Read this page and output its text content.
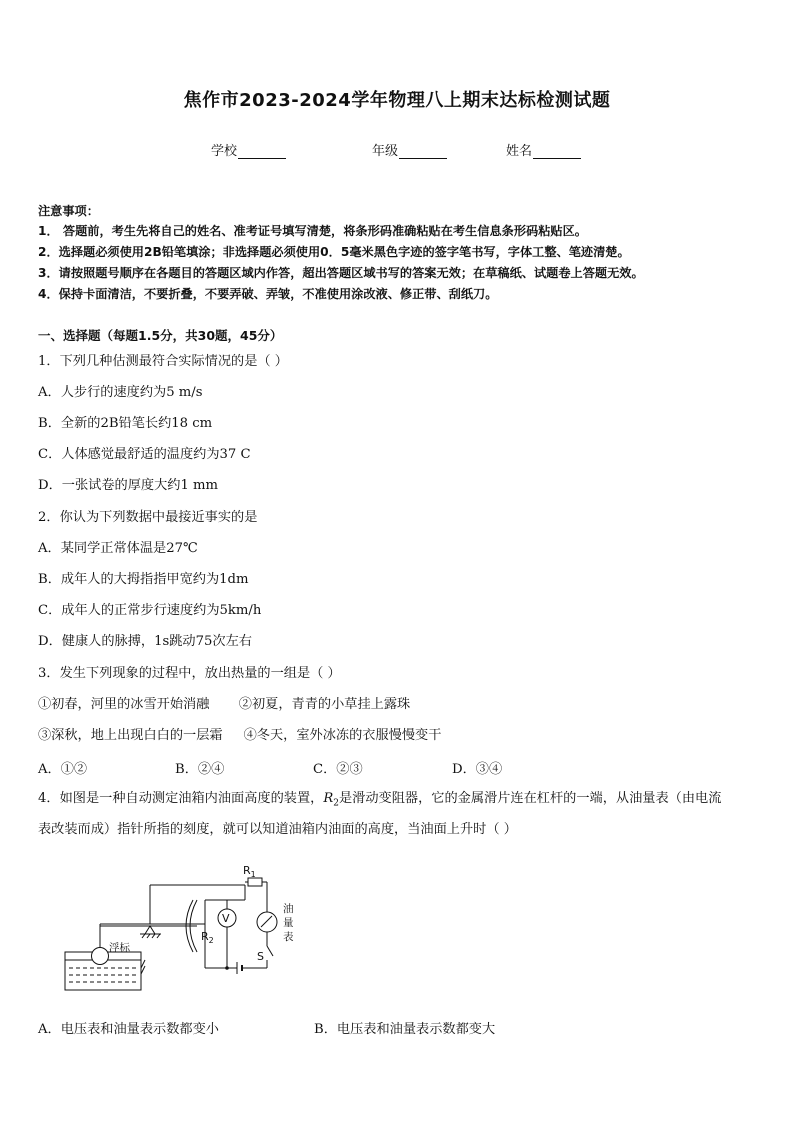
焦作市2023-2024学年物理八上期末达标检测试题
学校	年级	姓名
注意事项：
1． 答题前，考生先将自己的姓名、准考证号填写清楚，将条形码准确粘贴在考生信息条形码粘贴区。
2．选择题必须使用2B铅笔填涂；非选择题必须使用0．5毫米黑色字迹的签字笔书写，字体工整、笔迹清楚。
3．请按照题号顺序在各题目的答题区域内作答，超出答题区域书写的答案无效；在草稿纸、试题卷上答题无效。
4．保持卡面清洁，不要折叠，不要弄破、弄皱，不准使用涂改液、修正带、刮纸刀。
一、选择题（每题1.5分，共30题，45分）
1．下列几种估测最符合实际情况的是（ ）
A．人步行的速度约为5 m/s
B．全新的2B铅笔长约18 cm
C．人体感觉最舒适的温度约为37 C
D．一张试卷的厚度大约1 mm
2．你认为下列数据中最接近事实的是
A．某同学正常体温是27℃
B．成年人的大拇指指甲宽约为1dm
C．成年人的正常步行速度约为5km/h
D．健康人的脉搏，1s跳动75次左右
3．发生下列现象的过程中，放出热量的一组是（ ）
①初春，河里的冰雪开始消融       ②初夏，青青的小草挂上露珠
③深秋，地上出现白白的一层霜     ④冬天，室外冰冻的衣服慢慢变干
A．①②	B．②④	C．②③	D．③④
4．如图是一种自动测定油箱内油面高度的装置，$R_2$是滑动变阻器，它的金属滑片连在杠杆的一端，从油量表（由电流
表改装而成）指针所指的刻度，就可以知道油箱内油面的高度，当油面上升时（ ）
$R_1$
$R_2$
V
S
浮标
油
量
表
A．电压表和油量表示数都变小	B．电压表和油量表示数都变大
